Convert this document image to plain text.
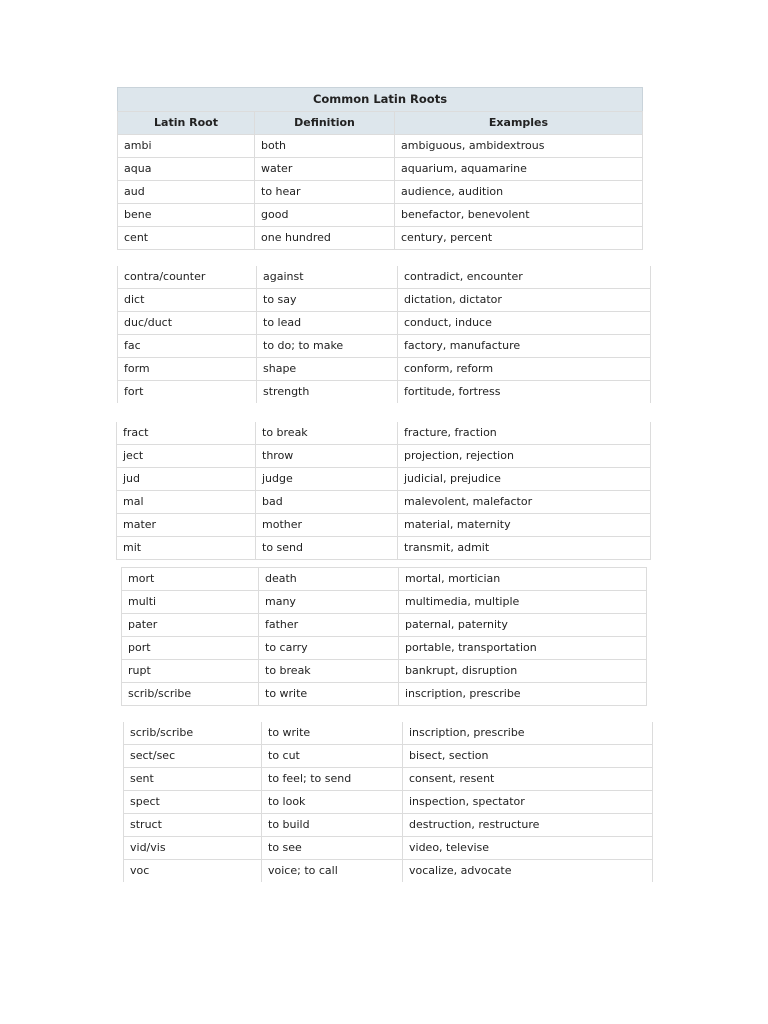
Common Latin Roots
Latin Root	Definition	Examples
ambi	both	ambiguous, ambidextrous
aqua	water	aquarium, aquamarine
aud	to hear	audience, audition
bene	good	benefactor, benevolent
cent	one hundred	century, percent
contra/counter	against	contradict, encounter
dict	to say	dictation, dictator
duc/duct	to lead	conduct, induce
fac	to do; to make	factory, manufacture
form	shape	conform, reform
fort	strength	fortitude, fortress
fract	to break	fracture, fraction
ject	throw	projection, rejection
jud	judge	judicial, prejudice
mal	bad	malevolent, malefactor
mater	mother	material, maternity
mit	to send	transmit, admit
mort	death	mortal, mortician
multi	many	multimedia, multiple
pater	father	paternal, paternity
port	to carry	portable, transportation
rupt	to break	bankrupt, disruption
scrib/scribe	to write	inscription, prescribe
scrib/scribe	to write	inscription, prescribe
sect/sec	to cut	bisect, section
sent	to feel; to send	consent, resent
spect	to look	inspection, spectator
struct	to build	destruction, restructure
vid/vis	to see	video, televise
voc	voice; to call	vocalize, advocate
